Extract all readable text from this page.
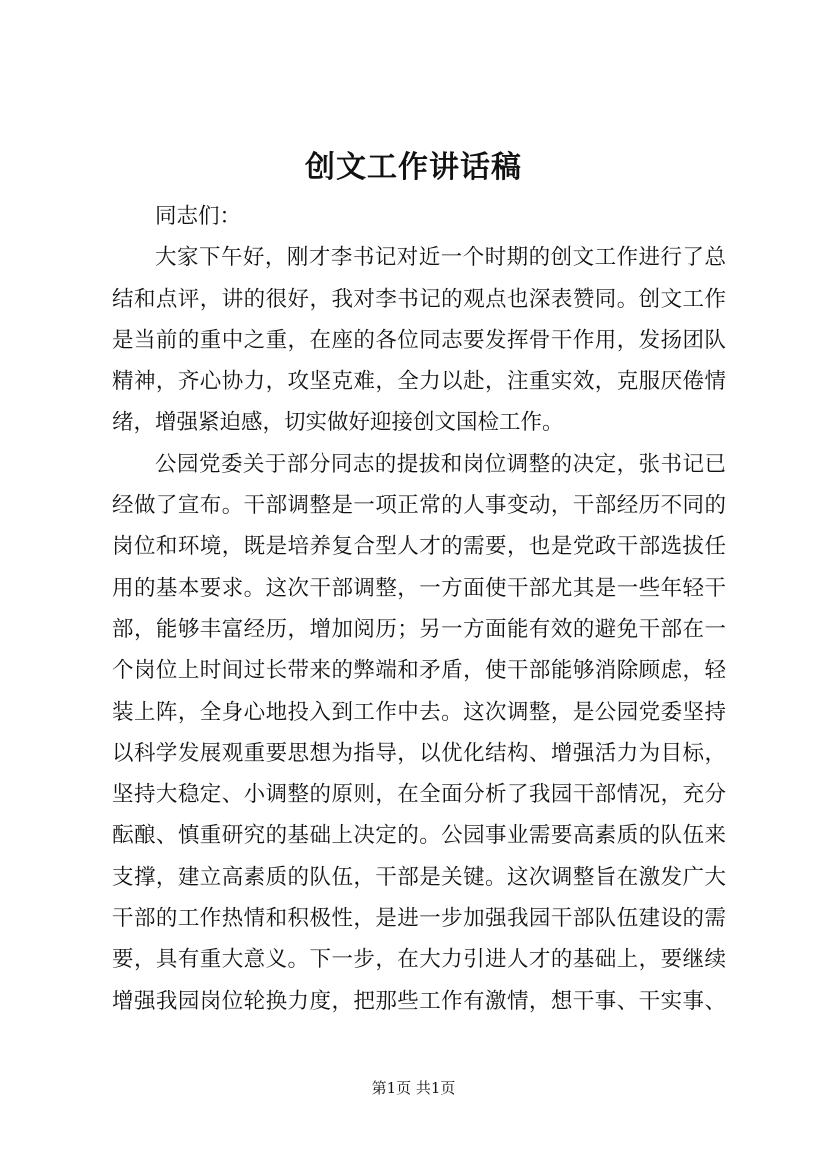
创文工作讲话稿
同志们：
大家下午好，刚才李书记对近一个时期的创文工作进行了总
结和点评，讲的很好，我对李书记的观点也深表赞同。创文工作
是当前的重中之重，在座的各位同志要发挥骨干作用，发扬团队
精神，齐心协力，攻坚克难，全力以赴，注重实效，克服厌倦情
绪，增强紧迫感，切实做好迎接创文国检工作。
公园党委关于部分同志的提拔和岗位调整的决定，张书记已
经做了宣布。干部调整是一项正常的人事变动，干部经历不同的
岗位和环境，既是培养复合型人才的需要，也是党政干部选拔任
用的基本要求。这次干部调整，一方面使干部尤其是一些年轻干
部，能够丰富经历，增加阅历；另一方面能有效的避免干部在一
个岗位上时间过长带来的弊端和矛盾，使干部能够消除顾虑，轻
装上阵，全身心地投入到工作中去。这次调整，是公园党委坚持
以科学发展观重要思想为指导，以优化结构、增强活力为目标，
坚持大稳定、小调整的原则，在全面分析了我园干部情况，充分
酝酿、慎重研究的基础上决定的。公园事业需要高素质的队伍来
支撑，建立高素质的队伍，干部是关键。这次调整旨在激发广大
干部的工作热情和积极性，是进一步加强我园干部队伍建设的需
要，具有重大意义。下一步，在大力引进人才的基础上，要继续
增强我园岗位轮换力度，把那些工作有激情，想干事、干实事、
第1页 共1页
